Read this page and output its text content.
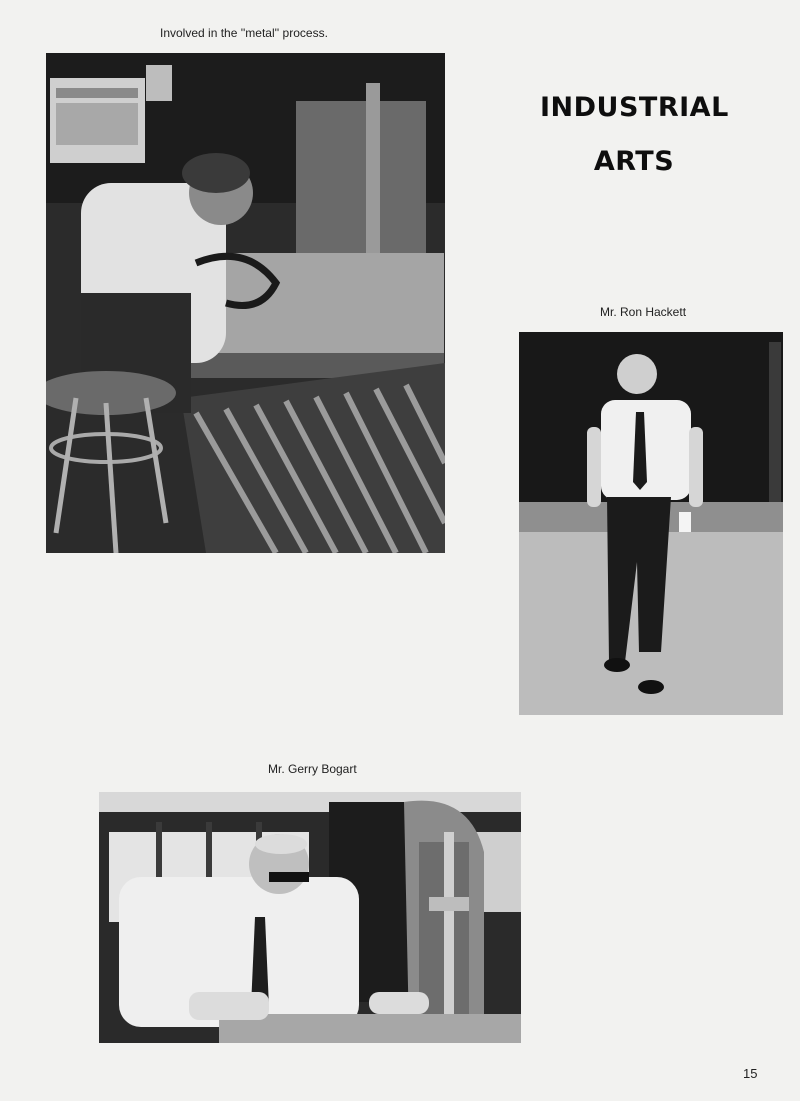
Involved in the ''metal'' process.
INDUSTRIAL
ARTS
Mr. Ron Hackett
Mr. Gerry Bogart
15
